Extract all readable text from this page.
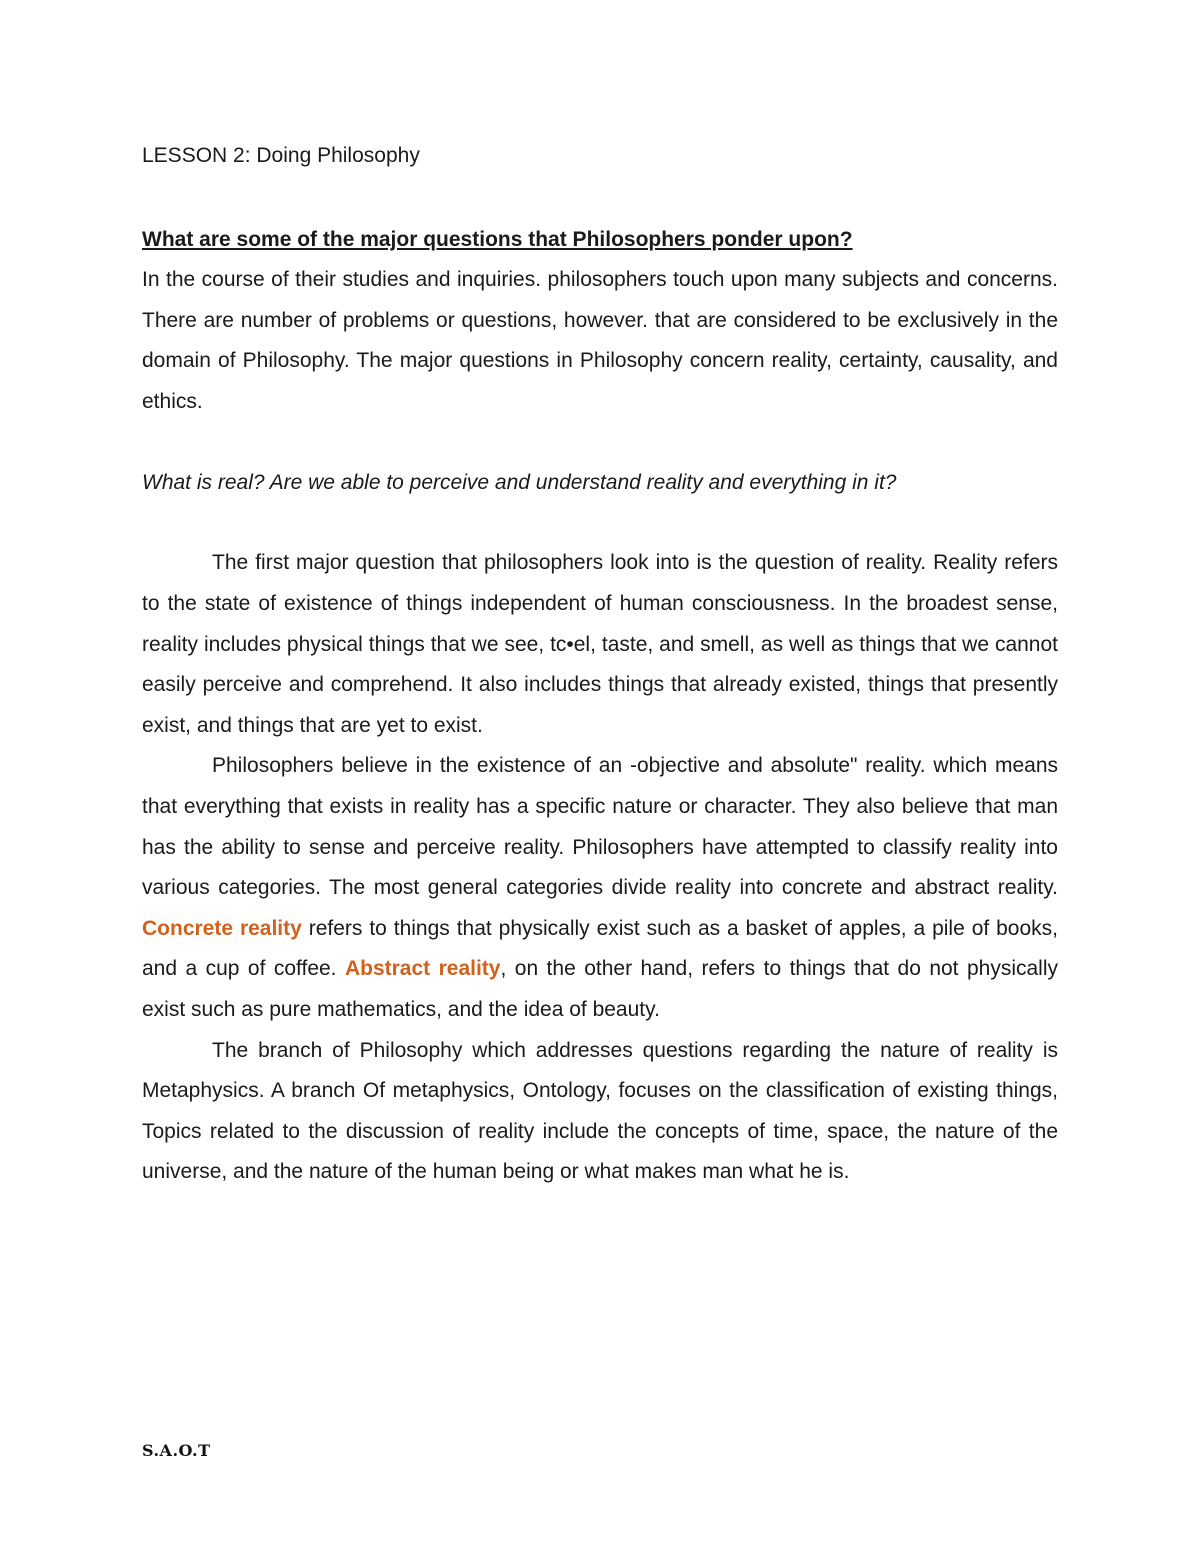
LESSON 2: Doing Philosophy
What are some of the major questions that Philosophers ponder upon?

In the course of their studies and inquiries. philosophers touch upon many subjects and concerns. There are number of problems or questions, however. that are considered to be exclusively in the domain of Philosophy. The major questions in Philosophy concern reality, certainty, causality, and ethics.

What is real? Are we able to perceive and understand reality and everything in it?

The first major question that philosophers look into is the question of reality. Reality refers to the state of existence of things independent of human consciousness. In the broadest sense, reality includes physical things that we see, tc•el, taste, and smell, as well as things that we cannot easily perceive and comprehend. It also includes things that already existed, things that presently exist, and things that are yet to exist.

Philosophers believe in the existence of an -objective and absolute" reality. which means that everything that exists in reality has a specific nature or character. They also believe that man has the ability to sense and perceive reality. Philosophers have attempted to classify reality into various categories. The most general categories divide reality into concrete and abstract reality. Concrete reality refers to things that physically exist such as a basket of apples, a pile of books, and a cup of coffee. Abstract reality, on the other hand, refers to things that do not physically exist such as pure mathematics, and the idea of beauty.

The branch of Philosophy which addresses questions regarding the nature of reality is Metaphysics. A branch Of metaphysics, Ontology, focuses on the classification of existing things, Topics related to the discussion of reality include the concepts of time, space, the nature of the universe, and the nature of the human being or what makes man what he is.

S.A.O.T
